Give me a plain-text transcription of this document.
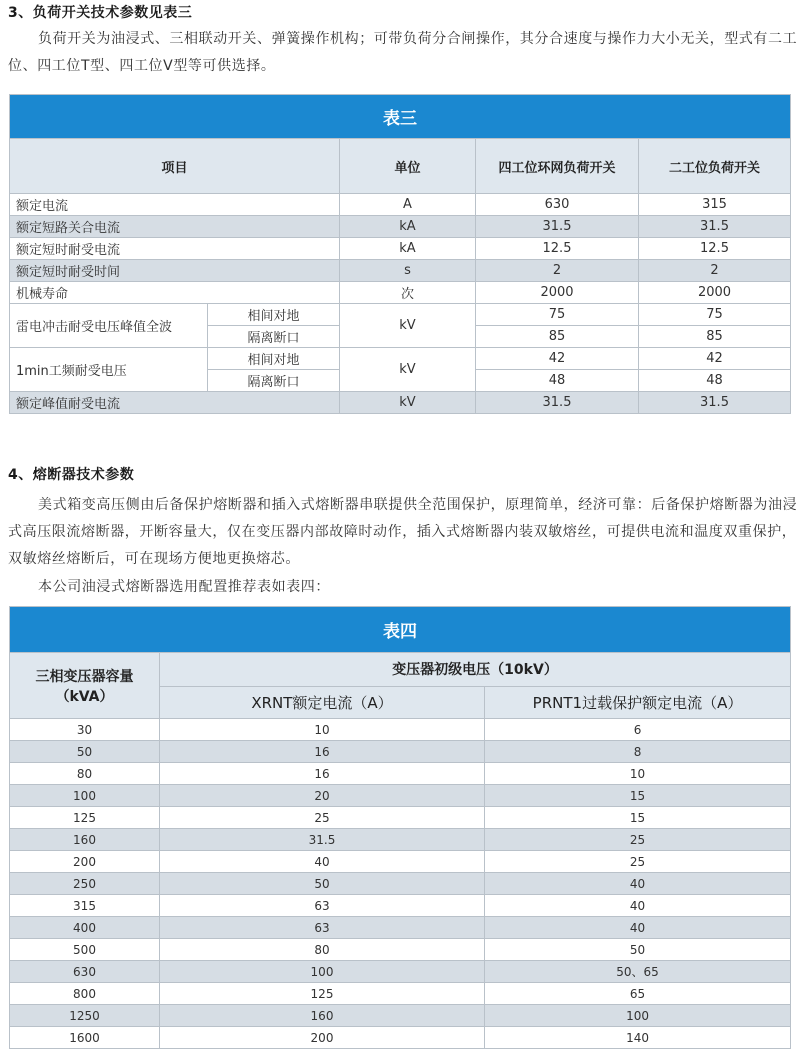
3、负荷开关技术参数见表三
负荷开关为油浸式、三相联动开关、弹簧操作机构；可带负荷分合闸操作，其分合速度与操作力大小无关，型式有二工位、四工位T型、四工位V型等可供选择。
表三				
项目		单位	四工位环网负荷开关	二工位负荷开关
额定电流		A	630	315
额定短路关合电流		kA	31.5	31.5
额定短时耐受电流		kA	12.5	12.5
额定短时耐受时间		s	2	2
机械寿命		次	2000	2000
雷电冲击耐受电压峰值全波	相间对地	kV	75	75
	隔离断口		85	85
1min工频耐受电压	相间对地	kV	42	42
	隔离断口		48	48
额定峰值耐受电流		kV	31.5	31.5
4、熔断器技术参数
美式箱变高压侧由后备保护熔断器和插入式熔断器串联提供全范围保护，原理简单，经济可靠：后备保护熔断器为油浸式高压限流熔断器，开断容量大，仅在变压器内部故障时动作，插入式熔断器内装双敏熔丝，可提供电流和温度双重保护，双敏熔丝熔断后，可在现场方便地更换熔芯。
本公司油浸式熔断器选用配置推荐表如表四：
表四		
三相变压器容量
（kVA）	变压器初级电压（10kV）	
	XRNT额定电流（A）	PRNT1过载保护额定电流（A）
30	10	6
50	16	8
80	16	10
100	20	15
125	25	15
160	31.5	25
200	40	25
250	50	40
315	63	40
400	63	40
500	80	50
630	100	50、65
800	125	65
1250	160	100
1600	200	140
